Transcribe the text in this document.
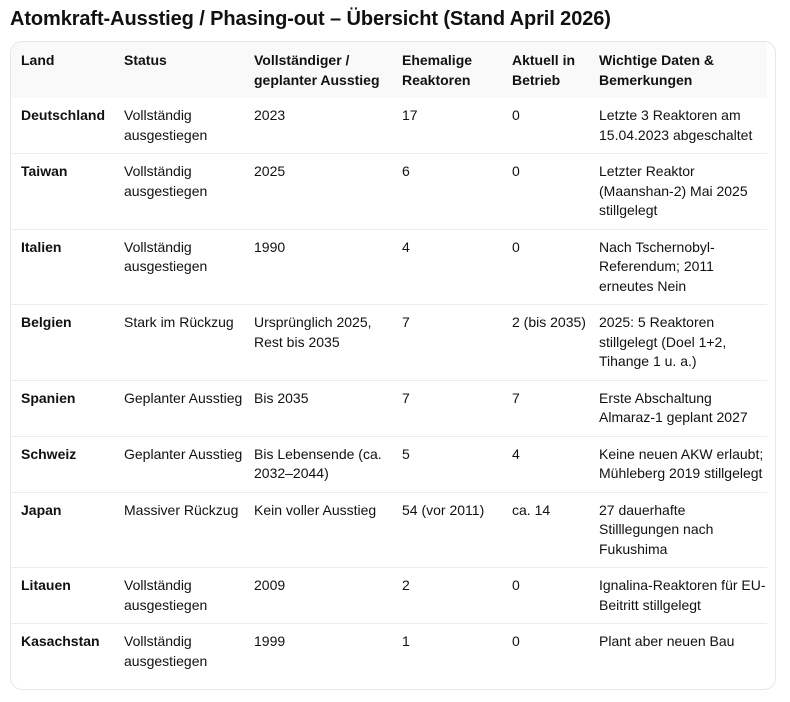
Atomkraft-Ausstieg / Phasing-out – Übersicht (Stand April 2026)
Land	Status	Vollständiger / geplanter Ausstieg	Ehemalige Reaktoren	Aktuell in Betrieb	Wichtige Daten & Bemerkungen
Deutschland	Vollständig ausgestiegen	2023	17	0	Letzte 3 Reaktoren am 15.04.2023 abgeschaltet
Taiwan	Vollständig ausgestiegen	2025	6	0	Letzter Reaktor (Maanshan-2) Mai 2025 stillgelegt
Italien	Vollständig ausgestiegen	1990	4	0	Nach Tschernobyl-Referendum; 2011 erneutes Nein
Belgien	Stark im Rückzug	Ursprünglich 2025, Rest bis 2035	7	2 (bis 2035)	2025: 5 Reaktoren stillgelegt (Doel 1+2, Tihange 1 u. a.)
Spanien	Geplanter Ausstieg	Bis 2035	7	7	Erste Abschaltung Almaraz-1 geplant 2027
Schweiz	Geplanter Ausstieg	Bis Lebensende (ca. 2032–2044)	5	4	Keine neuen AKW erlaubt; Mühleberg 2019 stillgelegt
Japan	Massiver Rückzug	Kein voller Ausstieg	54 (vor 2011)	ca. 14	27 dauerhafte Stilllegungen nach Fukushima
Litauen	Vollständig ausgestiegen	2009	2	0	Ignalina-Reaktoren für EU-Beitritt stillgelegt
Kasachstan	Vollständig ausgestiegen	1999	1	0	Plant aber neuen Bau
